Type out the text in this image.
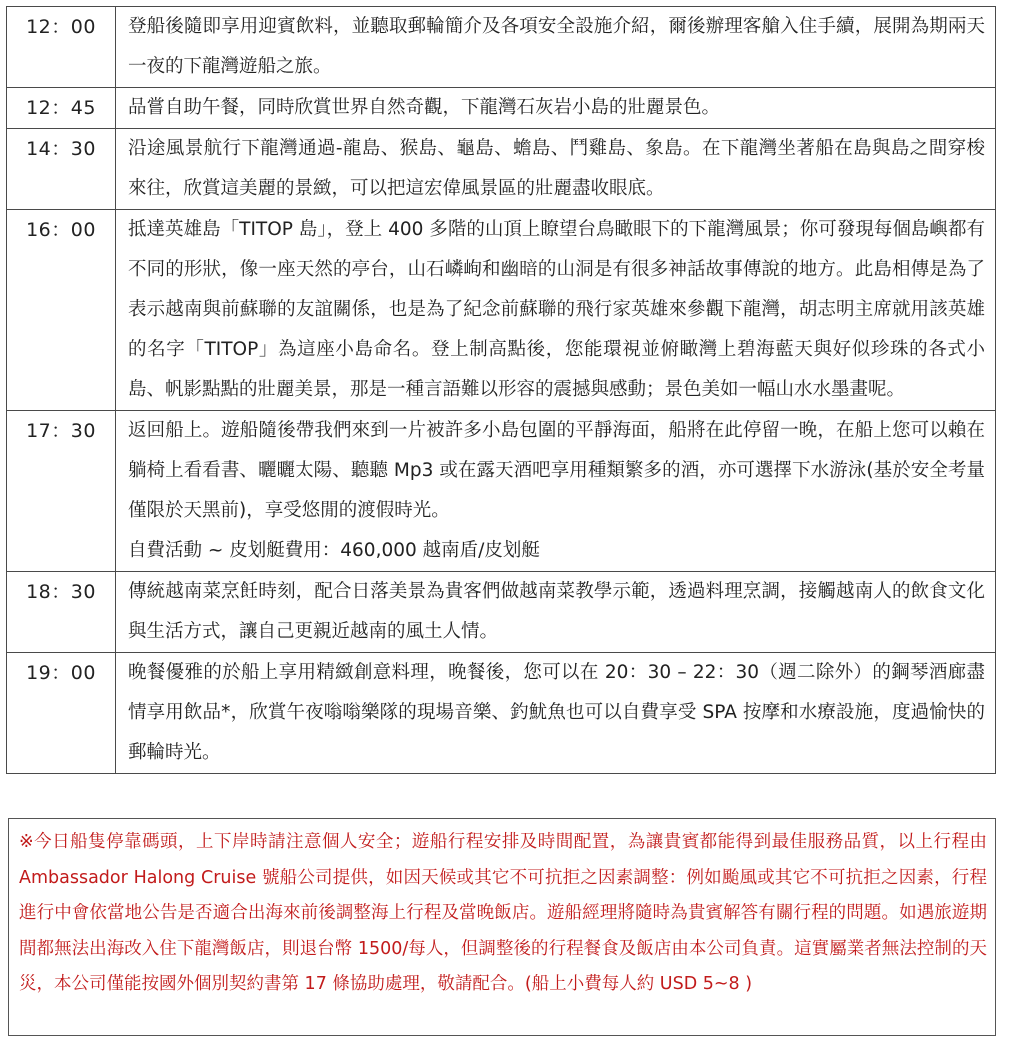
12：00	登船後隨即享用迎賓飲料，並聽取郵輪簡介及各項安全設施介紹，爾後辦理客艙入住手續，展開為期兩天一夜的下龍灣遊船之旅。
12：45	品嘗自助午餐，同時欣賞世界自然奇觀，下龍灣石灰岩小島的壯麗景色。
14：30	沿途風景航行下龍灣通過-龍島、猴島、龜島、蟾島、鬥雞島、象島。在下龍灣坐著船在島與島之間穿梭來往，欣賞這美麗的景緻，可以把這宏偉風景區的壯麗盡收眼底。
16：00	抵達英雄島「TITOP 島」，登上 400 多階的山頂上瞭望台鳥瞰眼下的下龍灣風景；你可發現每個島嶼都有不同的形狀，像一座天然的亭台，山石嶙峋和幽暗的山洞是有很多神話故事傳說的地方。此島相傳是為了表示越南與前蘇聯的友誼關係，也是為了紀念前蘇聯的飛行家英雄來參觀下龍灣，胡志明主席就用該英雄的名字「TITOP」為這座小島命名。登上制高點後，您能環視並俯瞰灣上碧海藍天與好似珍珠的各式小島、帆影點點的壯麗美景，那是一種言語難以形容的震撼與感動；景色美如一幅山水水墨畫呢。
17：30	返回船上。遊船隨後帶我們來到一片被許多小島包圍的平靜海面，船將在此停留一晚，在船上您可以賴在躺椅上看看書、曬曬太陽、聽聽 Mp3 或在露天酒吧享用種類繁多的酒，亦可選擇下水游泳(基於安全考量僅限於天黑前)，享受悠閒的渡假時光。
自費活動 ~ 皮划艇費用：460,000 越南盾/皮划艇

18：30	傳統越南菜烹飪時刻，配合日落美景為貴客們做越南菜教學示範，透過料理烹調，接觸越南人的飲食文化與生活方式，讓自己更親近越南的風土人情。
19：00	晚餐優雅的於船上享用精緻創意料理，晚餐後，您可以在 20：30 – 22：30（週二除外）的鋼琴酒廊盡情享用飲品*，欣賞午夜嗡嗡樂隊的現場音樂、釣魷魚也可以自費享受 SPA 按摩和水療設施，度過愉快的郵輪時光。
※今日船隻停靠碼頭，上下岸時請注意個人安全；遊船行程安排及時間配置，為讓貴賓都能得到最佳服務品質，以上行程由 Ambassador Halong Cruise 號船公司提供，如因天候或其它不可抗拒之因素調整：例如颱風或其它不可抗拒之因素，行程進行中會依當地公告是否適合出海來前後調整海上行程及當晚飯店。遊船經理將隨時為貴賓解答有關行程的問題。如遇旅遊期間都無法出海改入住下龍灣飯店，則退台幣 1500/每人，但調整後的行程餐食及飯店由本公司負責。這實屬業者無法控制的天災，本公司僅能按國外個別契約書第 17 條協助處理，敬請配合。(船上小費每人約 USD 5~8 )
